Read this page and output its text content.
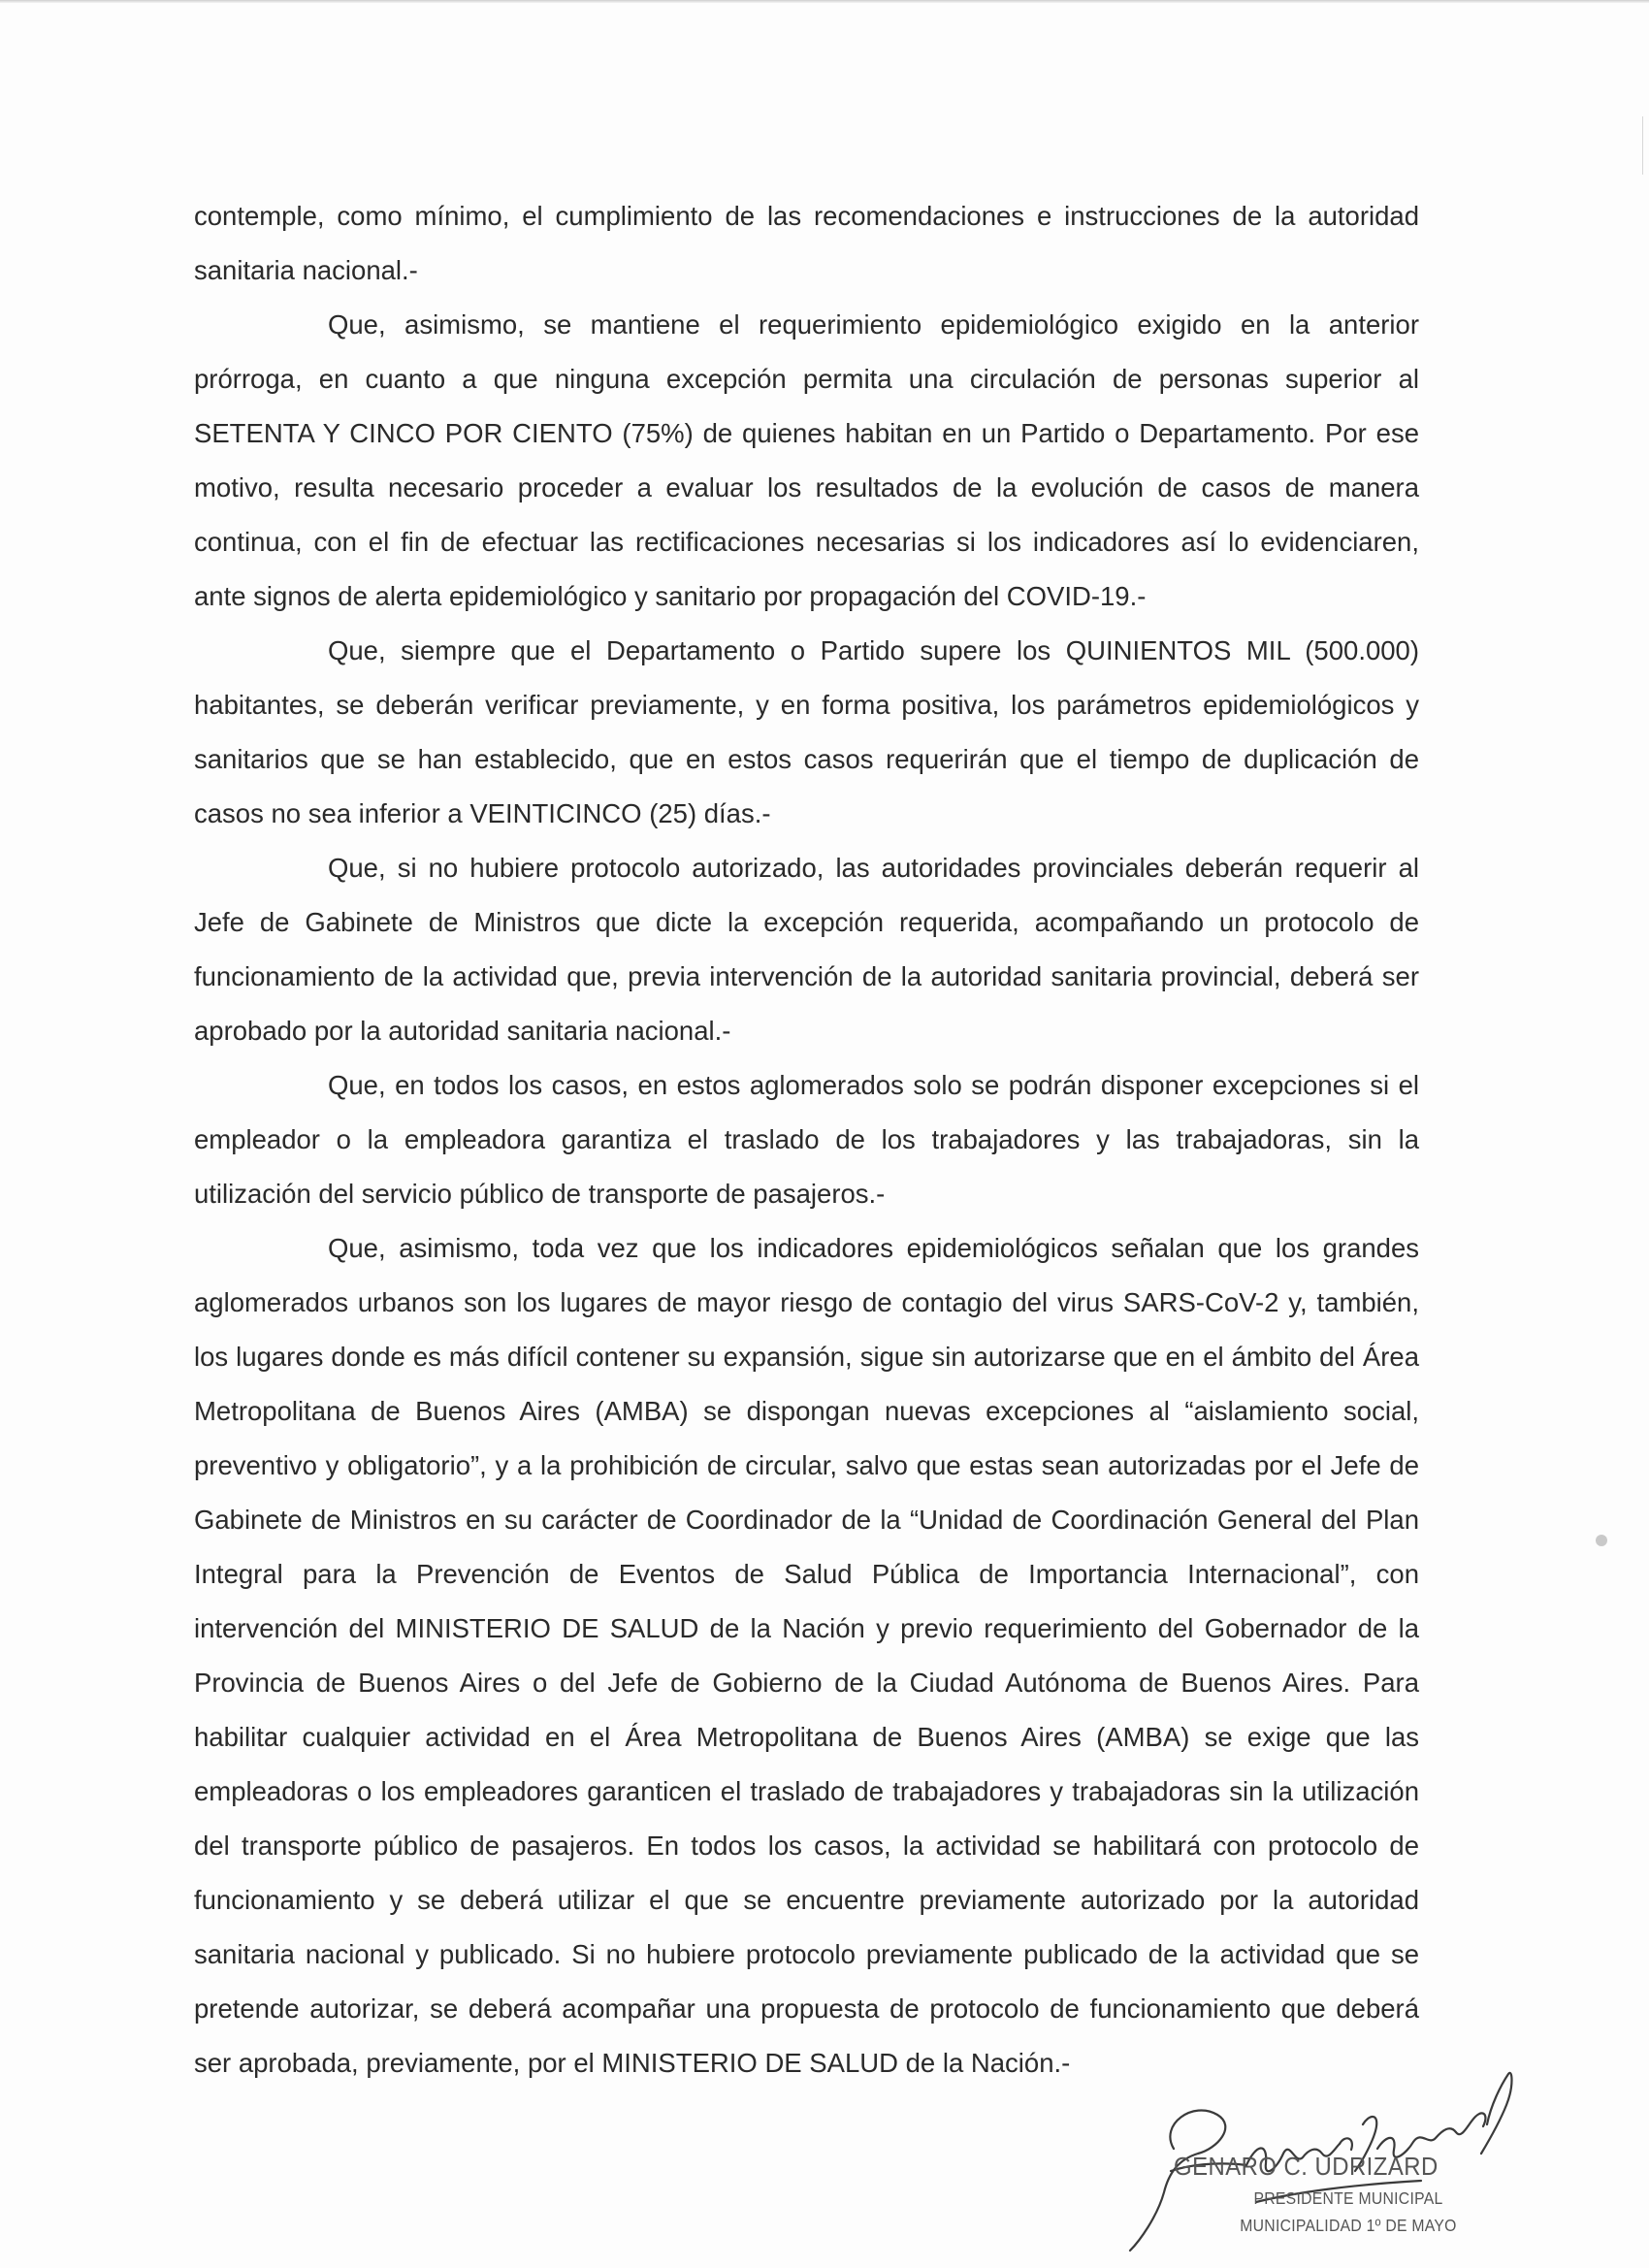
contemple, como mínimo, el cumplimiento de las recomendaciones e instrucciones de la autoridad sanitaria nacional.-

Que, asimismo, se mantiene el requerimiento epidemiológico exigido en la anterior prórroga, en cuanto a que ninguna excepción permita una circulación de personas superior al SETENTA Y CINCO POR CIENTO (75%) de quienes habitan en un Partido o Departamento. Por ese motivo, resulta necesario proceder a evaluar los resultados de la evolución de casos de manera continua, con el fin de efectuar las rectificaciones necesarias si los indicadores así lo evidenciaren, ante signos de alerta epidemiológico y sanitario por propagación del COVID-19.-

Que, siempre que el Departamento o Partido supere los QUINIENTOS MIL (500.000) habitantes, se deberán verificar previamente, y en forma positiva, los parámetros epidemiológicos y sanitarios que se han establecido, que en estos casos requerirán que el tiempo de duplicación de casos no sea inferior a VEINTICINCO (25) días.-

Que, si no hubiere protocolo autorizado, las autoridades provinciales deberán requerir al Jefe de Gabinete de Ministros que dicte la excepción requerida, acompañando un protocolo de funcionamiento de la actividad que, previa intervención de la autoridad sanitaria provincial, deberá ser aprobado por la autoridad sanitaria nacional.-

Que, en todos los casos, en estos aglomerados solo se podrán disponer excepciones si el empleador o la empleadora garantiza el traslado de los trabajadores y las trabajadoras, sin la utilización del servicio público de transporte de pasajeros.-

Que, asimismo, toda vez que los indicadores epidemiológicos señalan que los grandes aglomerados urbanos son los lugares de mayor riesgo de contagio del virus SARS-CoV-2 y, también, los lugares donde es más difícil contener su expansión, sigue sin autorizarse que en el ámbito del Área Metropolitana de Buenos Aires (AMBA) se dispongan nuevas excepciones al “aislamiento social, preventivo y obligatorio”, y a la prohibición de circular, salvo que estas sean autorizadas por el Jefe de Gabinete de Ministros en su carácter de Coordinador de la “Unidad de Coordinación General del Plan Integral para la Prevención de Eventos de Salud Pública de Importancia Internacional”, con intervención del MINISTERIO DE SALUD de la Nación y previo requerimiento del Gobernador de la Provincia de Buenos Aires o del Jefe de Gobierno de la Ciudad Autónoma de Buenos Aires. Para habilitar cualquier actividad en el Área Metropolitana de Buenos Aires (AMBA) se exige que las empleadoras o los empleadores garanticen el traslado de trabajadores y trabajadoras sin la utilización del transporte público de pasajeros. En todos los casos, la actividad se habilitará con protocolo de funcionamiento y se deberá utilizar el que se encuentre previamente autorizado por la autoridad sanitaria nacional y publicado. Si no hubiere protocolo previamente publicado de la actividad que se pretende autorizar, se deberá acompañar una propuesta de protocolo de funcionamiento que deberá ser aprobada, previamente, por el MINISTERIO DE SALUD de la Nación.-

GENARO C. UDRIZARD
PRESIDENTE MUNICIPAL
MUNICIPALIDAD 1º DE MAYO
